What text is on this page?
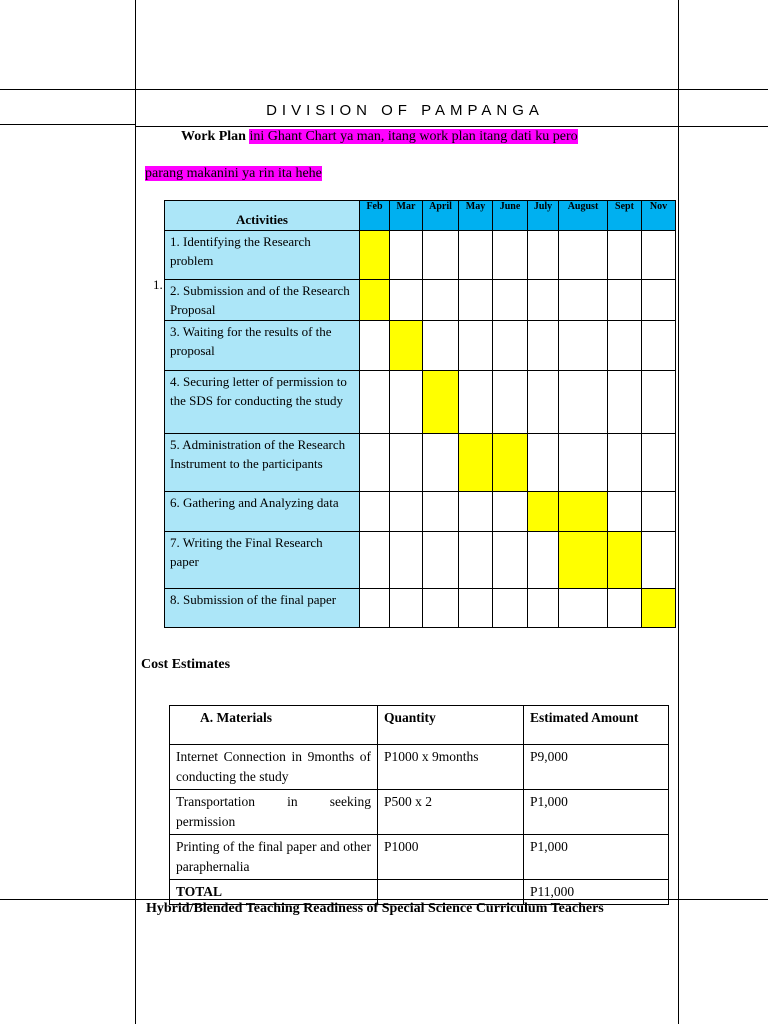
DIVISION OF PAMPANGA
Work Plan ini Ghant Chart ya man, itang work plan itang dati ku pero
parang makanini ya rin ita hehe
1.
Activities	Feb	Mar	April	May	June	July	August	Sept	Nov
1. Identifying the Research problem									
2. Submission and of the Research Proposal									
3. Waiting for the results of the proposal									
4. Securing letter of permission to the SDS for conducting the study									
5. Administration of the Research Instrument to the participants									
6. Gathering and Analyzing data									
7. Writing the Final Research paper									
8. Submission of the final paper									
Cost Estimates
A. Materials	Quantity	Estimated Amount
Internet Connection in 9months of conducting the study	P1000 x 9months	P9,000
Transportation in seeking permission	P500 x 2	P1,000
Printing of the final paper and other paraphernalia	P1000	P1,000
TOTAL		P11,000
Hybrid/Blended Teaching Readiness of Special Science Curriculum Teachers
